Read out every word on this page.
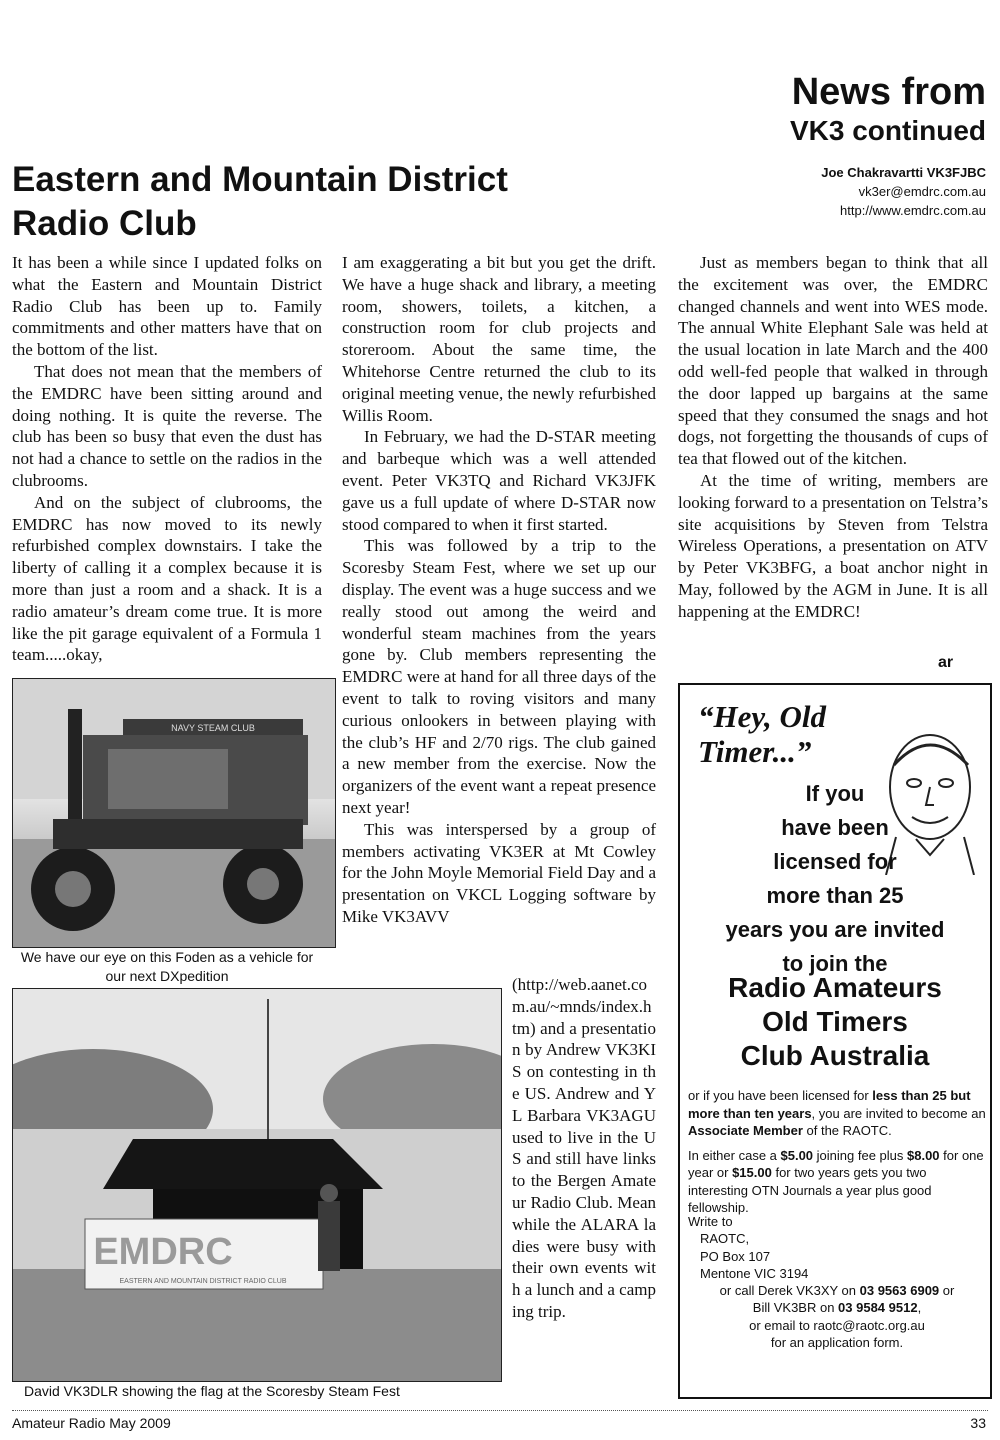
News from
VK3 continued
Joe Chakravartti VK3FJBC
vk3er@emdrc.com.au
http://www.emdrc.com.au
Eastern and Mountain District Radio Club

It has been a while since I updated folks on what the Eastern and Mountain District Radio Club has been up to. Family commitments and other matters have that on the bottom of the list.

That does not mean that the members of the EMDRC have been sitting around and doing nothing. It is quite the reverse. The club has been so busy that even the dust has not had a chance to settle on the radios in the clubrooms.

And on the subject of clubrooms, the EMDRC has now moved to its newly refurbished complex downstairs. I take the liberty of calling it a complex because it is more than just a room and a shack. It is a radio amateur’s dream come true. It is more like the pit garage equivalent of a Formula 1 team.....okay,

NAVY STEAM CLUB
We have our eye on this Foden as a vehicle for our next DXpedition

I am exaggerating a bit but you get the drift. We have a huge shack and library, a meeting room, showers, toilets, a kitchen, a construction room for club projects and storeroom. About the same time, the Whitehorse Centre returned the club to its original meeting venue, the newly refurbished Willis Room.

In February, we had the D-STAR meeting and barbeque which was a well attended event. Peter VK3TQ and Richard VK3JFK gave us a full update of where D-STAR now stood compared to when it first started.

This was followed by a trip to the Scoresby Steam Fest, where we set up our display. The event was a huge success and we really stood out among the weird and wonderful steam machines from the years gone by. Club members representing the EMDRC were at hand for all three days of the event to talk to roving visitors and many curious onlookers in between playing with the club’s HF and 2/70 rigs. The club gained a new member from the exercise. Now the organizers of the event want a repeat presence next year!

This was interspersed by a group of members activating VK3ER at Mt Cowley for the John Moyle Memorial Field Day and a presentation on VKCL Logging software by Mike VK3AVV

(http://web.aanet.com.au/~mnds/index.htm) and a presentation by Andrew VK3KIS on contesting in the US. Andrew and YL Barbara VK3AGU used to live in the US and still have links to the Bergen Amateur Radio Club. Meanwhile the ALARA ladies were busy with their own events with a lunch and a camping trip.

EMDRC
EASTERN AND MOUNTAIN DISTRICT RADIO CLUB
David VK3DLR showing the flag at the Scoresby Steam Fest

Just as members began to think that all the excitement was over, the EMDRC changed channels and went into WES mode. The annual White Elephant Sale was held at the usual location in late March and the 400 odd well-fed people that walked in through the door lapped up bargains at the same speed that they consumed the snags and hot dogs, not forgetting the thousands of cups of tea that flowed out of the kitchen.

At the time of writing, members are looking forward to a presentation on Telstra’s site acquisitions by Steven from Telstra Wireless Operations, a presentation on ATV by Peter VK3BFG, a boat anchor night in May, followed by the AGM in June. It is all happening at the EMDRC!

ar
“Hey, Old Timer...”
If you
have been
licensed for
more than 25
years you are invited
to join the
Radio Amateurs
Old Timers
Club Australia

or if you have been licensed for less than 25 but more than ten years, you are invited to become an Associate Member of the RAOTC.

In either case a $5.00 joining fee plus $8.00 for one year or $15.00 for two years gets you two interesting OTN Journals a year plus good fellowship.

Write to
RAOTC,
PO Box 107
Mentone VIC 3194
or call Derek VK3XY on 03 9563 6909 or
Bill VK3BR on 03 9584 9512,
or email to raotc@raotc.org.au
for an application form.
Amateur Radio May 2009	33
